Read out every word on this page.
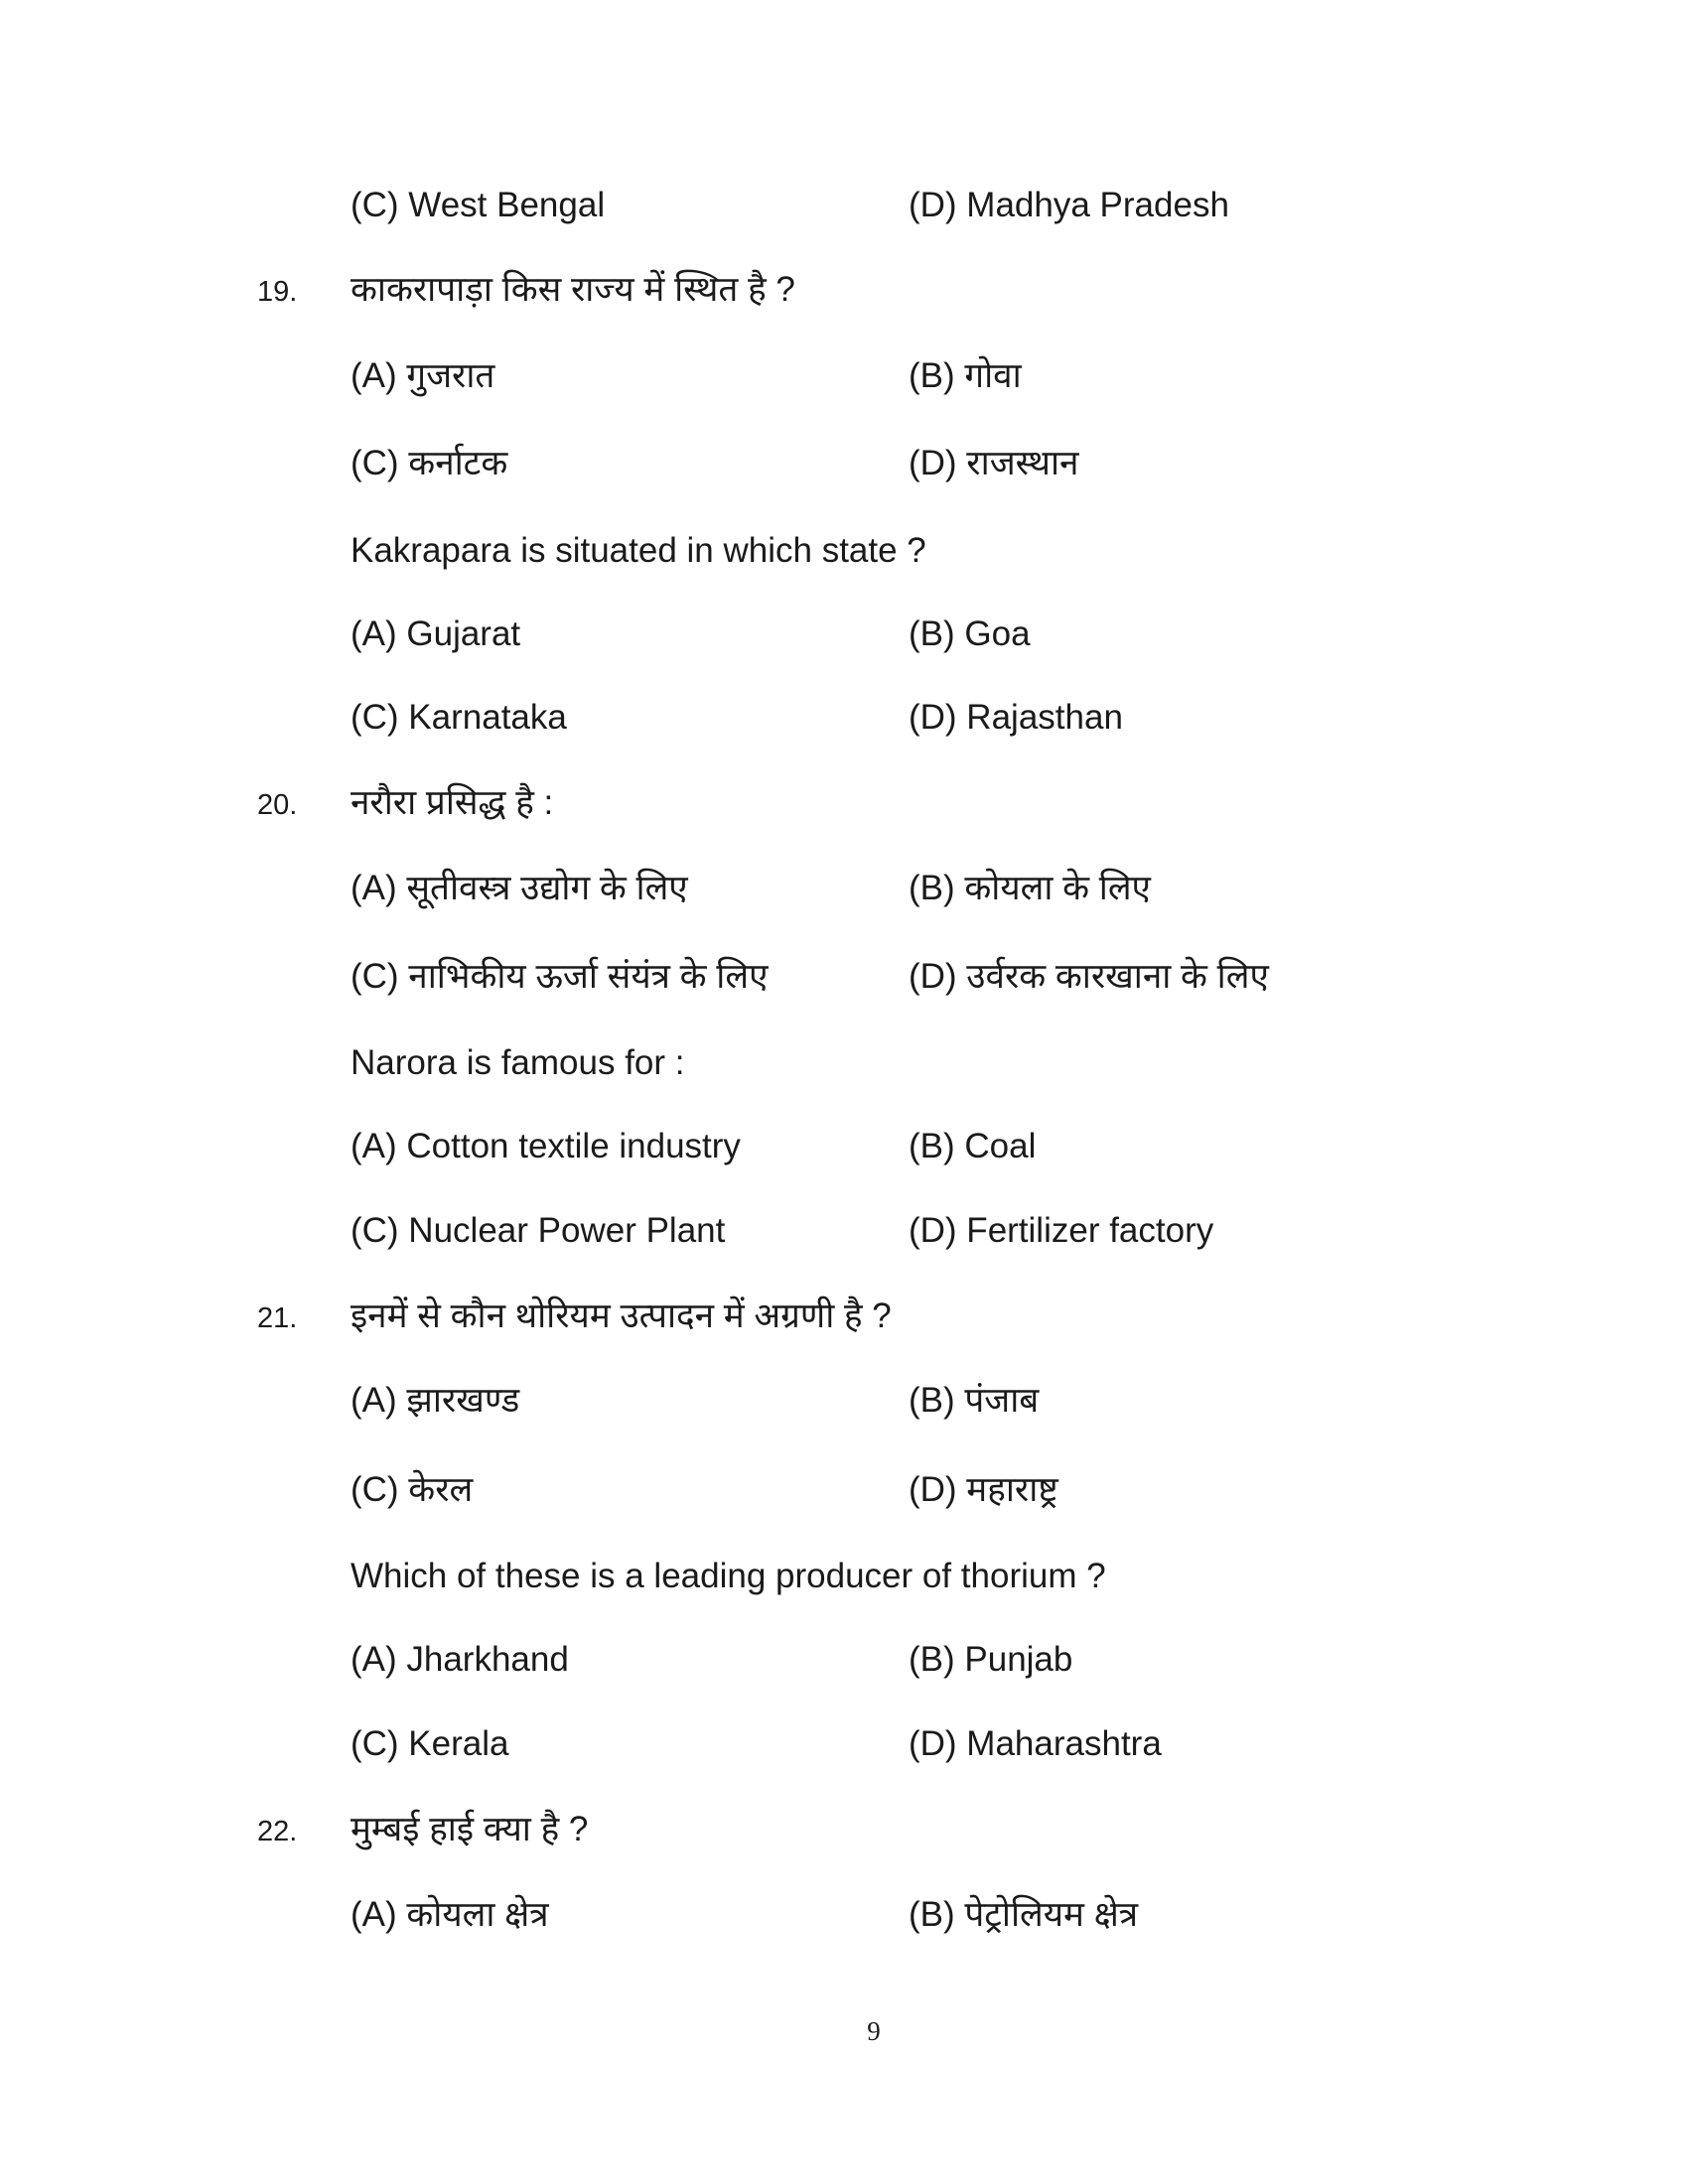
(C) West Bengal	(D) Madhya Pradesh
19. काकरापाड़ा किस राज्य में स्थित है ?
(A) गुजरात	(B) गोवा
(C) कर्नाटक	(D) राजस्थान
Kakrapara is situated in which state ?
(A) Gujarat	(B) Goa
(C) Karnataka	(D) Rajasthan
20. नरौरा प्रसिद्ध है :
(A) सूतीवस्त्र उद्योग के लिए	(B) कोयला के लिए
(C) नाभिकीय ऊर्जा संयंत्र के लिए	(D) उर्वरक कारखाना के लिए
Narora is famous for :
(A) Cotton textile industry	(B) Coal
(C) Nuclear Power Plant	(D) Fertilizer factory
21. इनमें से कौन थोरियम उत्पादन में अग्रणी है ?
(A) झारखण्ड	(B) पंजाब
(C) केरल	(D) महाराष्ट्र
Which of these is a leading producer of thorium ?
(A) Jharkhand	(B) Punjab
(C) Kerala	(D) Maharashtra
22. मुम्बई हाई क्या है ?
(A) कोयला क्षेत्र	(B) पेट्रोलियम क्षेत्र
9
